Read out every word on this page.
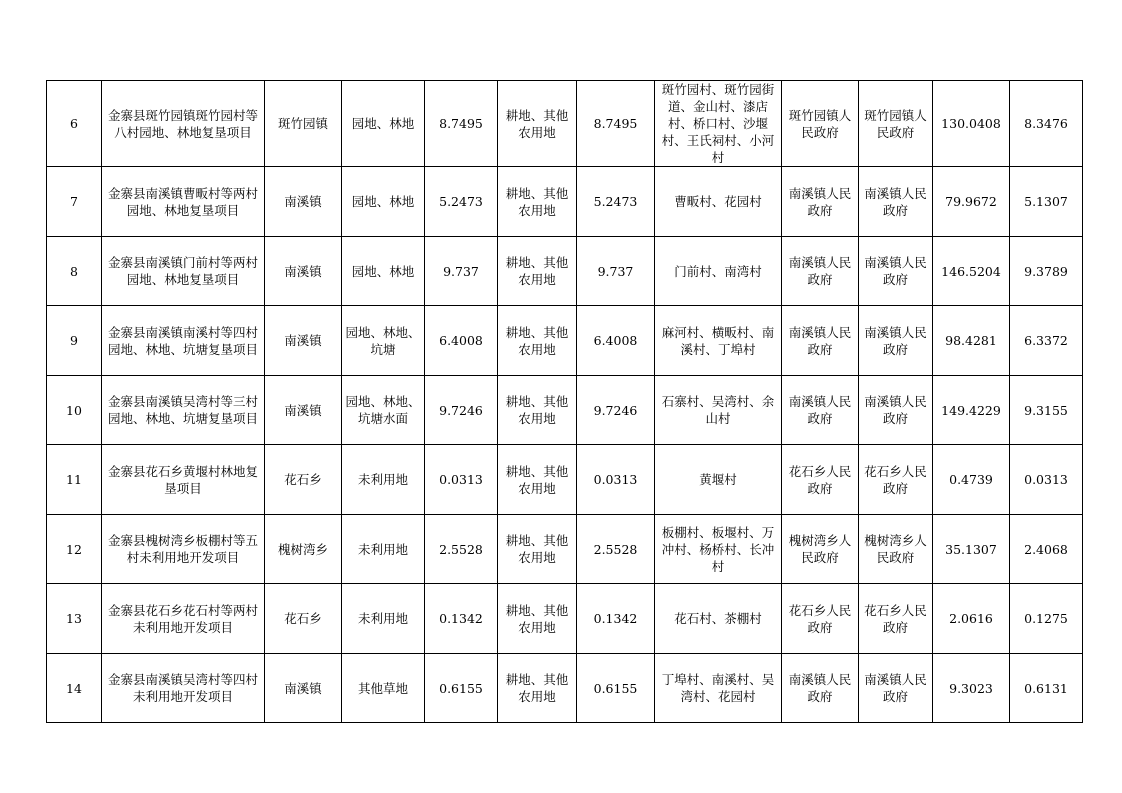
6	金寨县斑竹园镇斑竹园村等八村园地、林地复垦项目	斑竹园镇	园地、林地	8.7495	耕地、其他农用地	8.7495	斑竹园村、斑竹园街道、金山村、漆店村、桥口村、沙堰村、王氏祠村、小河村	斑竹园镇人民政府	斑竹园镇人民政府	130.0408	8.3476
7	金寨县南溪镇曹畈村等两村园地、林地复垦项目	南溪镇	园地、林地	5.2473	耕地、其他农用地	5.2473	曹畈村、花园村	南溪镇人民政府	南溪镇人民政府	79.9672	5.1307
8	金寨县南溪镇门前村等两村园地、林地复垦项目	南溪镇	园地、林地	9.737	耕地、其他农用地	9.737	门前村、南湾村	南溪镇人民政府	南溪镇人民政府	146.5204	9.3789
9	金寨县南溪镇南溪村等四村园地、林地、坑塘复垦项目	南溪镇	园地、林地、坑塘	6.4008	耕地、其他农用地	6.4008	麻河村、横畈村、南溪村、丁埠村	南溪镇人民政府	南溪镇人民政府	98.4281	6.3372
10	金寨县南溪镇吴湾村等三村园地、林地、坑塘复垦项目	南溪镇	园地、林地、坑塘水面	9.7246	耕地、其他农用地	9.7246	石寨村、吴湾村、余山村	南溪镇人民政府	南溪镇人民政府	149.4229	9.3155
11	金寨县花石乡黄堰村林地复垦项目	花石乡	未利用地	0.0313	耕地、其他农用地	0.0313	黄堰村	花石乡人民政府	花石乡人民政府	0.4739	0.0313
12	金寨县槐树湾乡板棚村等五村未利用地开发项目	槐树湾乡	未利用地	2.5528	耕地、其他农用地	2.5528	板棚村、板堰村、万冲村、杨桥村、长冲村	槐树湾乡人民政府	槐树湾乡人民政府	35.1307	2.4068
13	金寨县花石乡花石村等两村未利用地开发项目	花石乡	未利用地	0.1342	耕地、其他农用地	0.1342	花石村、茶棚村	花石乡人民政府	花石乡人民政府	2.0616	0.1275
14	金寨县南溪镇吴湾村等四村未利用地开发项目	南溪镇	其他草地	0.6155	耕地、其他农用地	0.6155	丁埠村、南溪村、吴湾村、花园村	南溪镇人民政府	南溪镇人民政府	9.3023	0.6131
